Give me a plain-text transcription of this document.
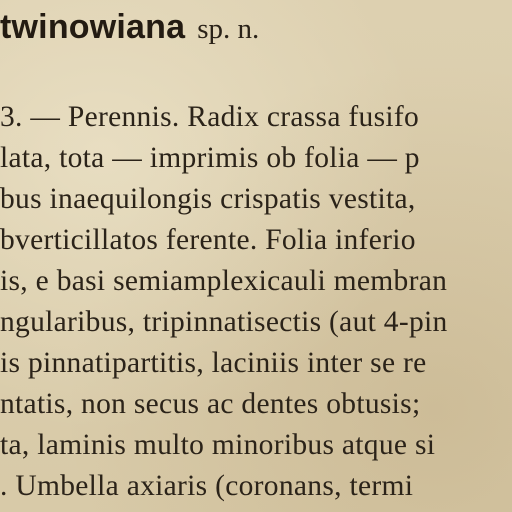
twinowiana sp. n.
3. — Perennis. Radix crassa fusifo
lata, tota — imprimis ob folia — p
bus inaequilongis crispatis vestita,
bverticillatos ferente. Folia inferio
is, e basi semiamplexicauli membran
ngularibus, tripinnatisectis (aut 4-pin
is pinnatipartitis, laciniis inter se re
ntatis, non secus ac dentes obtusis;
ta, laminis multo minoribus atque si
. Umbella axiaris (coronans, termi
